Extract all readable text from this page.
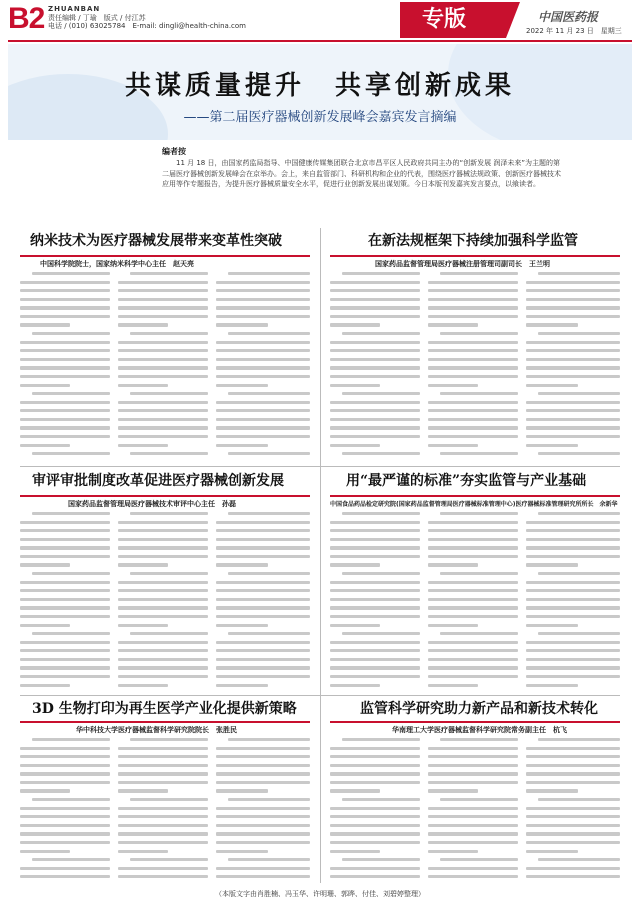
B2 ZHUANBAN
责任编辑 / 丁瑜　版式 / 付江苏
电话 / (010) 63025784　E-mail: dingli@health-china.com	专版	中国医药报
2022 年 11 月 23 日　星期三
共谋质量提升　共享创新成果
——第二届医疗器械创新发展峰会嘉宾发言摘编
编者按
11 月 18 日，由国家药监局指导、中国健康传媒集团联合北京市昌平区人民政府共同主办的“创新发展 润泽未来”为主题的第二届医疗器械创新发展峰会在京举办。会上，来自监管部门、科研机构和企业的代表，围绕医疗器械法规政策、创新医疗器械技术应用等作专题报告，为提升医疗器械质量安全水平，促进行业创新发展出谋划策。今日本版刊发嘉宾发言要点，以飨读者。
纳米技术为医疗器械发展带来变革性突破
中国科学院院士，国家纳米科学中心主任　赵天亮
在新法规框架下持续加强科学监管
国家药品监督管理局医疗器械注册管理司副司长　王兰明
审评审批制度改革促进医疗器械创新发展
国家药品监督管理局医疗器械技术审评中心主任　孙磊
用“最严谨的标准”夯实监管与产业基础
中国食品药品检定研究院(国家药品监督管理局医疗器械标准管理中心)医疗器械标准管理研究所所长　余新华
3D 生物打印为再生医学产业化提供新策略
华中科技大学医疗器械监督科学研究院院长　张胜民
监管科学研究助力新产品和新技术转化
华南理工大学医疗器械监督科学研究院常务副主任　杭飞
（本版文字由肖胜楠、冯玉华、许明珊、郭晔、付佳、刘碧婷整理）
